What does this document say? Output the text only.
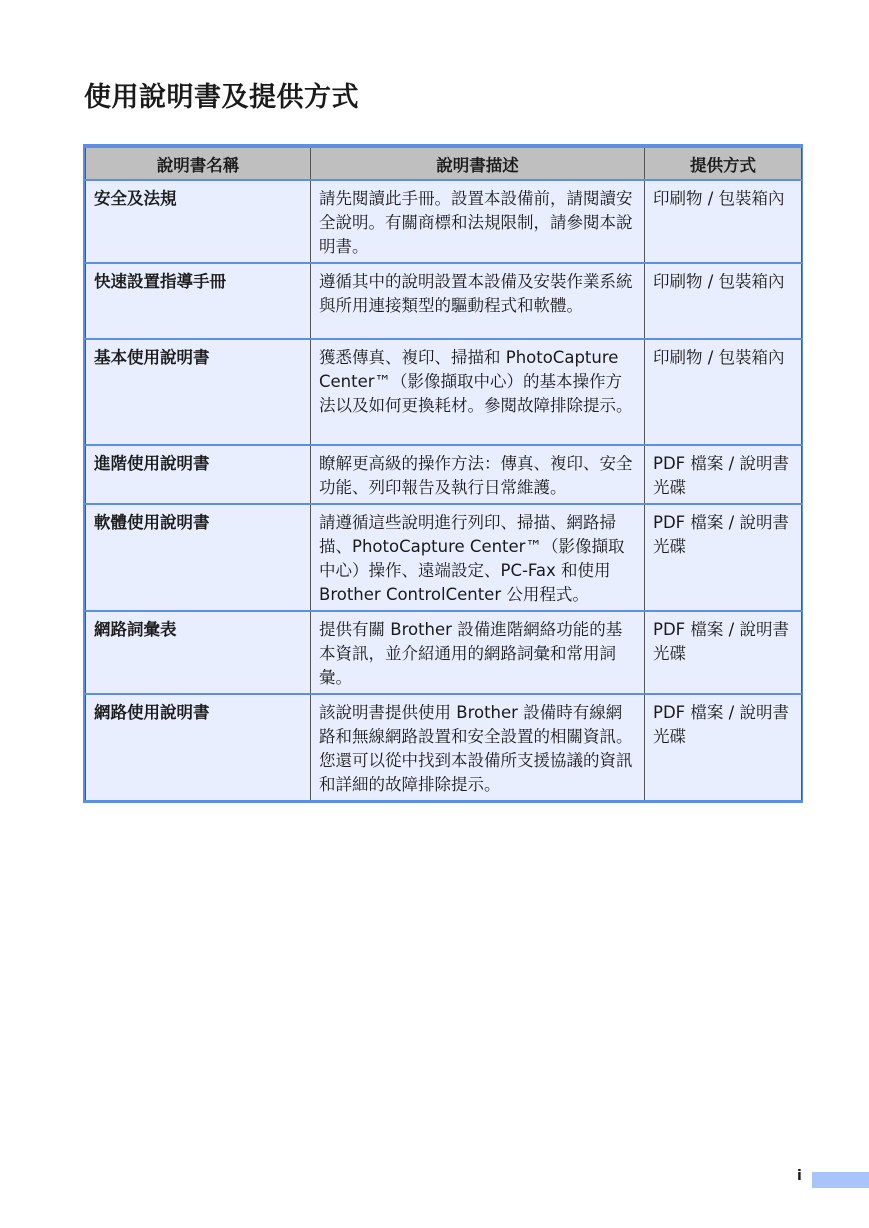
使用說明書及提供方式
說明書名稱	說明書描述	提供方式
安全及法規	請先閱讀此手冊。設置本設備前，請閱讀安全說明。有關商標和法規限制，請參閱本說明書。	印刷物 / 包裝箱內
快速設置指導手冊	遵循其中的說明設置本設備及安裝作業系統與所用連接類型的驅動程式和軟體。	印刷物 / 包裝箱內
基本使用說明書	獲悉傳真、複印、掃描和 PhotoCapture Center™（影像擷取中心）的基本操作方法以及如何更換耗材。參閱故障排除提示。	印刷物 / 包裝箱內
進階使用說明書	瞭解更高級的操作方法：傳真、複印、安全功能、列印報告及執行日常維護。	PDF 檔案 / 說明書光碟
軟體使用說明書	請遵循這些說明進行列印、掃描、網路掃描、PhotoCapture Center™（影像擷取中心）操作、遠端設定、PC-Fax 和使用 Brother ControlCenter 公用程式。	PDF 檔案 / 說明書光碟
網路詞彙表	提供有關 Brother 設備進階網絡功能的基本資訊，並介紹通用的網路詞彙和常用詞彙。	PDF 檔案 / 說明書光碟
網路使用說明書	該說明書提供使用 Brother 設備時有線網路和無線網路設置和安全設置的相關資訊。您還可以從中找到本設備所支援協議的資訊和詳細的故障排除提示。	PDF 檔案 / 說明書光碟
i
